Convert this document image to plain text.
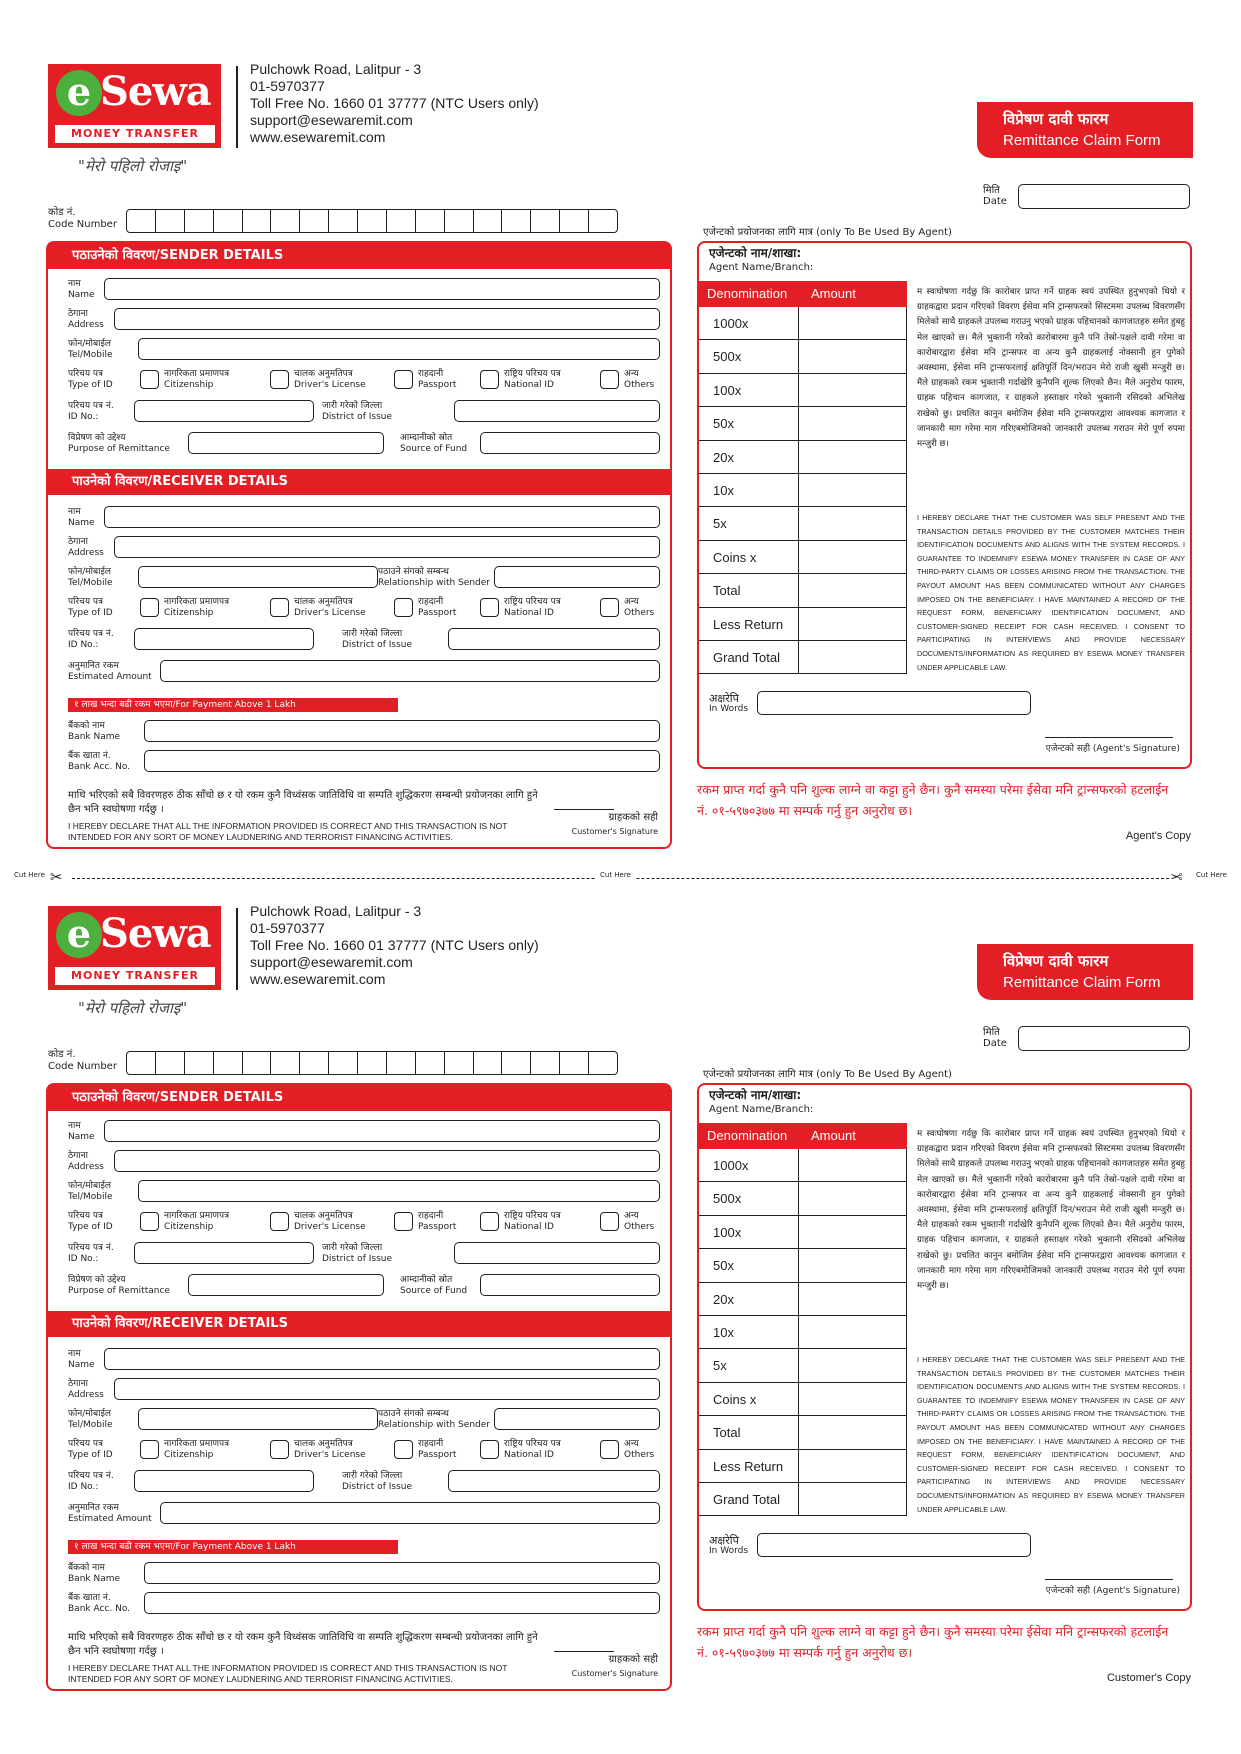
e Sewa
MONEY TRANSFER
"मेरो पहिलो रोजाइ"
Pulchowk Road, Lalitpur - 3
01-5970377
Toll Free No. 1660 01 37777 (NTC Users only)
support@esewaremit.com
www.esewaremit.com
विप्रेषण दावी फारम
Remittance Claim Form
मिति
Date
कोड नं.
Code Number
एजेन्टको प्रयोजनका लागि मात्र (only To Be Used By Agent)
पठाउनेको विवरण/SENDER DETAILS
नाम
Name
ठेगाना
Address
फोन/मोबाईल
Tel/Mobile
परिचय पत्र
Type of ID
नागरिकता प्रमाणपत्र
Citizenship
चालक अनुमतिपत्र
Driver's License
राहदानी
Passport
राष्ट्रिय परिचय पत्र
National ID
अन्य
Others
परिचय पत्र नं.
ID No.:
जारी गरेको जिल्ला
District of Issue
विप्रेषण को उद्देश्य
Purpose of Remittance
आम्दानीको स्रोत
Source of Fund
पाउनेको विवरण/RECEIVER DETAILS
नाम
Name
ठेगाना
Address
फोन/मोबाईल
Tel/Mobile
पठाउने संगको सम्बन्ध
Relationship with Sender
परिचय पत्र
Type of ID
नागरिकता प्रमाणपत्र
Citizenship
चालक अनुमतिपत्र
Driver's License
राहदानी
Passport
राष्ट्रिय परिचय पत्र
National ID
अन्य
Others
परिचय पत्र नं.
ID No.:
जारी गरेको जिल्ला
District of Issue
अनुमानित रकम
Estimated Amount
१ लाख भन्दा बढी रकम भएमा/For Payment Above 1 Lakh
बैंकको नाम
Bank Name
बैंक खाता नं.
Bank Acc. No.
माथि भरिएको सबै विवरणहरु ठीक साँचो छ र यो रकम कुनै विध्वंसक जातिविधि वा सम्पति शुद्धिकरण सम्बन्धी प्रयोजनका लागि हुने छैन भनि स्वघोषणा गर्दछु ।
I HEREBY DECLARE THAT ALL THE INFORMATION PROVIDED IS CORRECT AND THIS TRANSACTION IS NOT INTENDED FOR ANY SORT OF MONEY LAUDNERING AND TERRORIST FINANCING ACTIVITIES.
ग्राहकको सही
Customer's Signature
एजेन्टको नाम/शाखा:
Agent Name/Branch:
Denomination	Amount
1000x
500x
100x
50x
20x
10x
5x
Coins x
Total
Less Return
Grand Total
म स्वःघोषणा गर्दछु कि कारोबार प्राप्त गर्ने ग्राहक स्वयं उपस्थित हुनुभएको थियो र ग्राहकद्वारा प्रदान गरिएको विवरण ईसेवा मनि ट्रान्सफरको सिस्टममा उपलब्ध विवरणसँग मिलेको साथै ग्राहकले उपलब्ध गराउनु भएको ग्राहक पहिचानको कागजातहरु समेत हुबहु मेल खाएको छ। मैले भुक्तानी गरेको कारोबारमा कुनै पनि तेस्रो-पक्षले दावी गरेमा वा कारोबारद्वारा ईसेवा मनि ट्रान्सफर वा अन्य कुनै ग्राहकलाई नोक्सानी हुन पुगेको अवस्थामा, ईसेवा मनि ट्रान्सफरलाई क्षतिपूर्ति दिन/भराउन मेरो राजी खुसी मन्जुरी छ। मैले ग्राहकको रकम भुक्तानी गर्दाखेरि कुनैपनि शुल्क लिएको छैन। मैले अनुरोध फारम, ग्राहक पहिचान कागजात, र ग्राहकले हस्ताक्षर गरेको भुक्तानी रसिदको अभिलेख राखेको छु। प्रचलित कानुन बमोजिम ईसेवा मनि ट्रान्सफरद्वारा आवश्यक कागजात र जानकारी माग गरेमा माग गरिएबमोजिमको जानकारी उपलब्ध गराउन मेरो पूर्ण रुपमा मन्जुरी छ।
I HEREBY DECLARE THAT THE CUSTOMER WAS SELF PRESENT AND THE TRANSACTION DETAILS PROVIDED BY THE CUSTOMER MATCHES THEIR IDENTIFICATION DOCUMENTS AND ALIGNS WITH THE SYSTEM RECORDS. I GUARANTEE TO INDEMNIFY ESEWA MONEY TRANSFER IN CASE OF ANY THIRD-PARTY CLAIMS OR LOSSES ARISING FROM THE TRANSACTION. THE PAYOUT AMOUNT HAS BEEN COMMUNICATED WITHOUT ANY CHARGES IMPOSED ON THE BENEFICIARY. I HAVE MAINTAINED A RECORD OF THE REQUEST FORM, BENEFICIARY IDENTIFICATION DOCUMENT, AND CUSTOMER-SIGNED RECEIPT FOR CASH RECEIVED. I CONSENT TO PARTICIPATING IN INTERVIEWS AND PROVIDE NECESSARY DOCUMENTS/INFORMATION AS REQUIRED BY ESEWA MONEY TRANSFER UNDER APPLICABLE LAW.
अक्षरेपि
In Words
एजेन्टको सही (Agent's Signature)
रकम प्राप्त गर्दा कुनै पनि शुल्क लाग्ने वा कट्टा हुने छैन। कुनै समस्या परेमा ईसेवा मनि ट्रान्सफरको हटलाईन नं. ०१-५९७०३७७ मा सम्पर्क गर्नु हुन अनुरोध छ।
Agent's Copy
Cut Here ✂	Cut Here	✂	Cut Here
e Sewa
MONEY TRANSFER
"मेरो पहिलो रोजाइ"
Pulchowk Road, Lalitpur - 3
01-5970377
Toll Free No. 1660 01 37777 (NTC Users only)
support@esewaremit.com
www.esewaremit.com
विप्रेषण दावी फारम
Remittance Claim Form
मिति
Date
कोड नं.
Code Number
एजेन्टको प्रयोजनका लागि मात्र (only To Be Used By Agent)
पठाउनेको विवरण/SENDER DETAILS
नाम
Name
ठेगाना
Address
फोन/मोबाईल
Tel/Mobile
परिचय पत्र
Type of ID
नागरिकता प्रमाणपत्र
Citizenship
चालक अनुमतिपत्र
Driver's License
राहदानी
Passport
राष्ट्रिय परिचय पत्र
National ID
अन्य
Others
परिचय पत्र नं.
ID No.:
जारी गरेको जिल्ला
District of Issue
विप्रेषण को उद्देश्य
Purpose of Remittance
आम्दानीको स्रोत
Source of Fund
पाउनेको विवरण/RECEIVER DETAILS
नाम
Name
ठेगाना
Address
फोन/मोबाईल
Tel/Mobile
पठाउने संगको सम्बन्ध
Relationship with Sender
परिचय पत्र
Type of ID
नागरिकता प्रमाणपत्र
Citizenship
चालक अनुमतिपत्र
Driver's License
राहदानी
Passport
राष्ट्रिय परिचय पत्र
National ID
अन्य
Others
परिचय पत्र नं.
ID No.:
जारी गरेको जिल्ला
District of Issue
अनुमानित रकम
Estimated Amount
१ लाख भन्दा बढी रकम भएमा/For Payment Above 1 Lakh
बैंकको नाम
Bank Name
बैंक खाता नं.
Bank Acc. No.
माथि भरिएको सबै विवरणहरु ठीक साँचो छ र यो रकम कुनै विध्वंसक जातिविधि वा सम्पति शुद्धिकरण सम्बन्धी प्रयोजनका लागि हुने छैन भनि स्वघोषणा गर्दछु ।
I HEREBY DECLARE THAT ALL THE INFORMATION PROVIDED IS CORRECT AND THIS TRANSACTION IS NOT INTENDED FOR ANY SORT OF MONEY LAUDNERING AND TERRORIST FINANCING ACTIVITIES.
ग्राहकको सही
Customer's Signature
एजेन्टको नाम/शाखा:
Agent Name/Branch:
Denomination	Amount
1000x
500x
100x
50x
20x
10x
5x
Coins x
Total
Less Return
Grand Total
म स्वःघोषणा गर्दछु कि कारोबार प्राप्त गर्ने ग्राहक स्वयं उपस्थित हुनुभएको थियो र ग्राहकद्वारा प्रदान गरिएको विवरण ईसेवा मनि ट्रान्सफरको सिस्टममा उपलब्ध विवरणसँग मिलेको साथै ग्राहकले उपलब्ध गराउनु भएको ग्राहक पहिचानको कागजातहरु समेत हुबहु मेल खाएको छ। मैले भुक्तानी गरेको कारोबारमा कुनै पनि तेस्रो-पक्षले दावी गरेमा वा कारोबारद्वारा ईसेवा मनि ट्रान्सफर वा अन्य कुनै ग्राहकलाई नोक्सानी हुन पुगेको अवस्थामा, ईसेवा मनि ट्रान्सफरलाई क्षतिपूर्ति दिन/भराउन मेरो राजी खुसी मन्जुरी छ। मैले ग्राहकको रकम भुक्तानी गर्दाखेरि कुनैपनि शुल्क लिएको छैन। मैले अनुरोध फारम, ग्राहक पहिचान कागजात, र ग्राहकले हस्ताक्षर गरेको भुक्तानी रसिदको अभिलेख राखेको छु। प्रचलित कानुन बमोजिम ईसेवा मनि ट्रान्सफरद्वारा आवश्यक कागजात र जानकारी माग गरेमा माग गरिएबमोजिमको जानकारी उपलब्ध गराउन मेरो पूर्ण रुपमा मन्जुरी छ।
I HEREBY DECLARE THAT THE CUSTOMER WAS SELF PRESENT AND THE TRANSACTION DETAILS PROVIDED BY THE CUSTOMER MATCHES THEIR IDENTIFICATION DOCUMENTS AND ALIGNS WITH THE SYSTEM RECORDS. I GUARANTEE TO INDEMNIFY ESEWA MONEY TRANSFER IN CASE OF ANY THIRD-PARTY CLAIMS OR LOSSES ARISING FROM THE TRANSACTION. THE PAYOUT AMOUNT HAS BEEN COMMUNICATED WITHOUT ANY CHARGES IMPOSED ON THE BENEFICIARY. I HAVE MAINTAINED A RECORD OF THE REQUEST FORM, BENEFICIARY IDENTIFICATION DOCUMENT, AND CUSTOMER-SIGNED RECEIPT FOR CASH RECEIVED. I CONSENT TO PARTICIPATING IN INTERVIEWS AND PROVIDE NECESSARY DOCUMENTS/INFORMATION AS REQUIRED BY ESEWA MONEY TRANSFER UNDER APPLICABLE LAW.
अक्षरेपि
In Words
एजेन्टको सही (Agent's Signature)
रकम प्राप्त गर्दा कुनै पनि शुल्क लाग्ने वा कट्टा हुने छैन। कुनै समस्या परेमा ईसेवा मनि ट्रान्सफरको हटलाईन नं. ०१-५९७०३७७ मा सम्पर्क गर्नु हुन अनुरोध छ।
Customer's Copy
